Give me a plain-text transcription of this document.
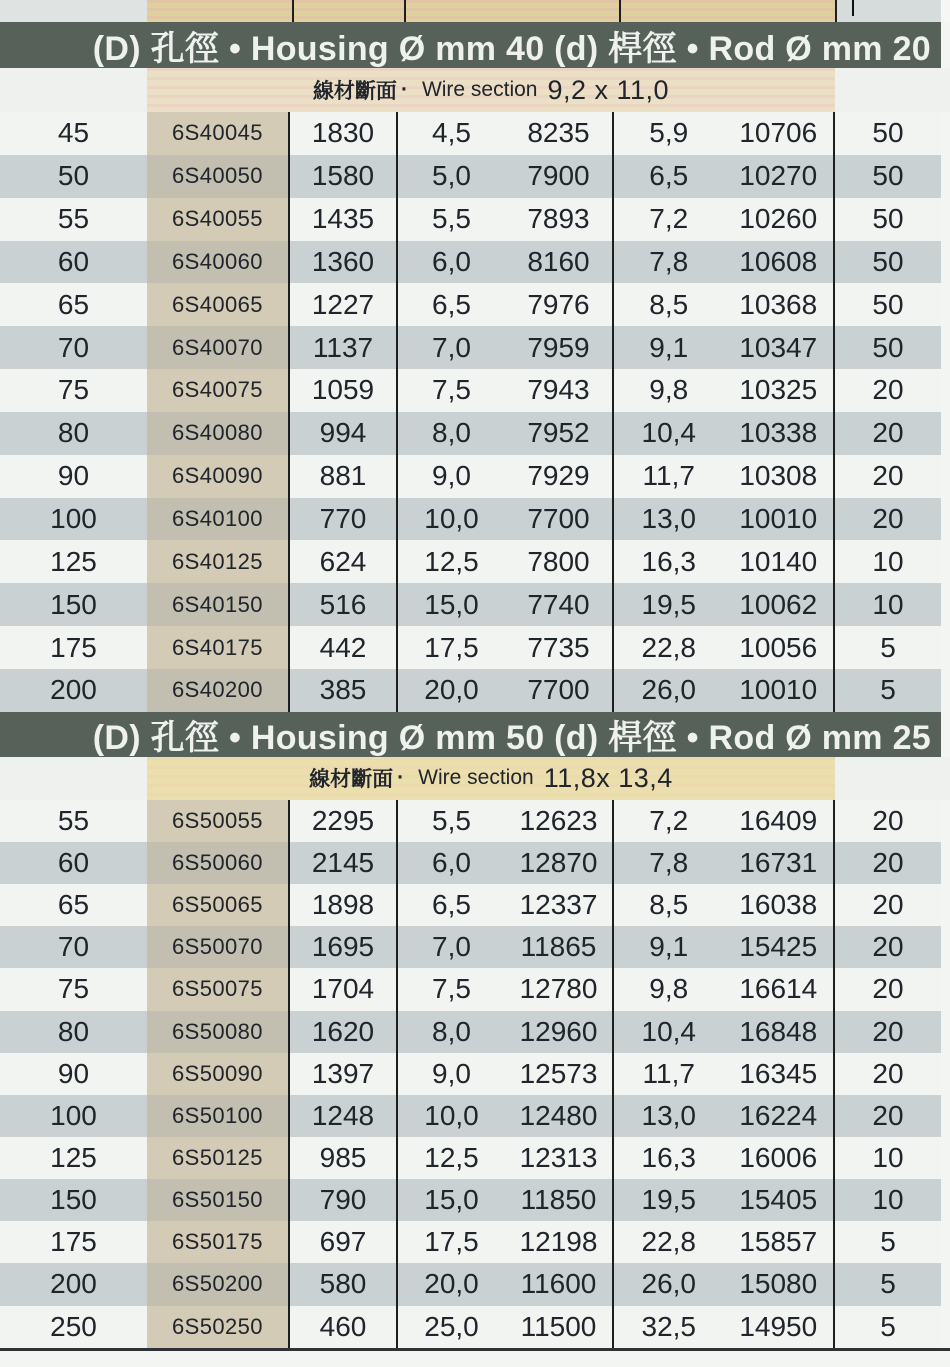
(D) 孔徑 • Housing Ø mm 40 (d) 桿徑 • Rod Ø mm 20
線材斷面 · Wire section 9,2 x 11,0
45	6S40045	1830	4,5	8235	5,9	10706	50
50	6S40050	1580	5,0	7900	6,5	10270	50
55	6S40055	1435	5,5	7893	7,2	10260	50
60	6S40060	1360	6,0	8160	7,8	10608	50
65	6S40065	1227	6,5	7976	8,5	10368	50
70	6S40070	1137	7,0	7959	9,1	10347	50
75	6S40075	1059	7,5	7943	9,8	10325	20
80	6S40080	994	8,0	7952	10,4	10338	20
90	6S40090	881	9,0	7929	11,7	10308	20
100	6S40100	770	10,0	7700	13,0	10010	20
125	6S40125	624	12,5	7800	16,3	10140	10
150	6S40150	516	15,0	7740	19,5	10062	10
175	6S40175	442	17,5	7735	22,8	10056	5
200	6S40200	385	20,0	7700	26,0	10010	5
(D) 孔徑 • Housing Ø mm 50 (d) 桿徑 • Rod Ø mm 25
線材斷面 · Wire section 11,8x 13,4
55	6S50055	2295	5,5	12623	7,2	16409	20
60	6S50060	2145	6,0	12870	7,8	16731	20
65	6S50065	1898	6,5	12337	8,5	16038	20
70	6S50070	1695	7,0	11865	9,1	15425	20
75	6S50075	1704	7,5	12780	9,8	16614	20
80	6S50080	1620	8,0	12960	10,4	16848	20
90	6S50090	1397	9,0	12573	11,7	16345	20
100	6S50100	1248	10,0	12480	13,0	16224	20
125	6S50125	985	12,5	12313	16,3	16006	10
150	6S50150	790	15,0	11850	19,5	15405	10
175	6S50175	697	17,5	12198	22,8	15857	5
200	6S50200	580	20,0	11600	26,0	15080	5
250	6S50250	460	25,0	11500	32,5	14950	5
